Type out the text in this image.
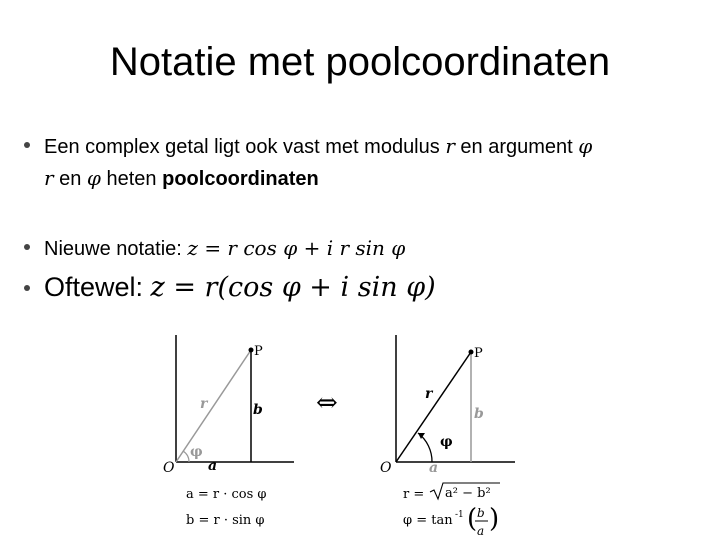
Notatie met poolcoordinaten
Een complex getal ligt ook vast met modulus r en argument φ
r en φ heten poolcoordinaten
Nieuwe notatie: z = r cos φ + i r sin φ
Oftewel: z = r(cos φ + i sin φ)
P
O
r	b
a
φ
a = r · cos φ
b = r · sin φ
⇔
P
O
r
b
a
φ
r = a² − b²
φ = tan -1 ( b
a )
